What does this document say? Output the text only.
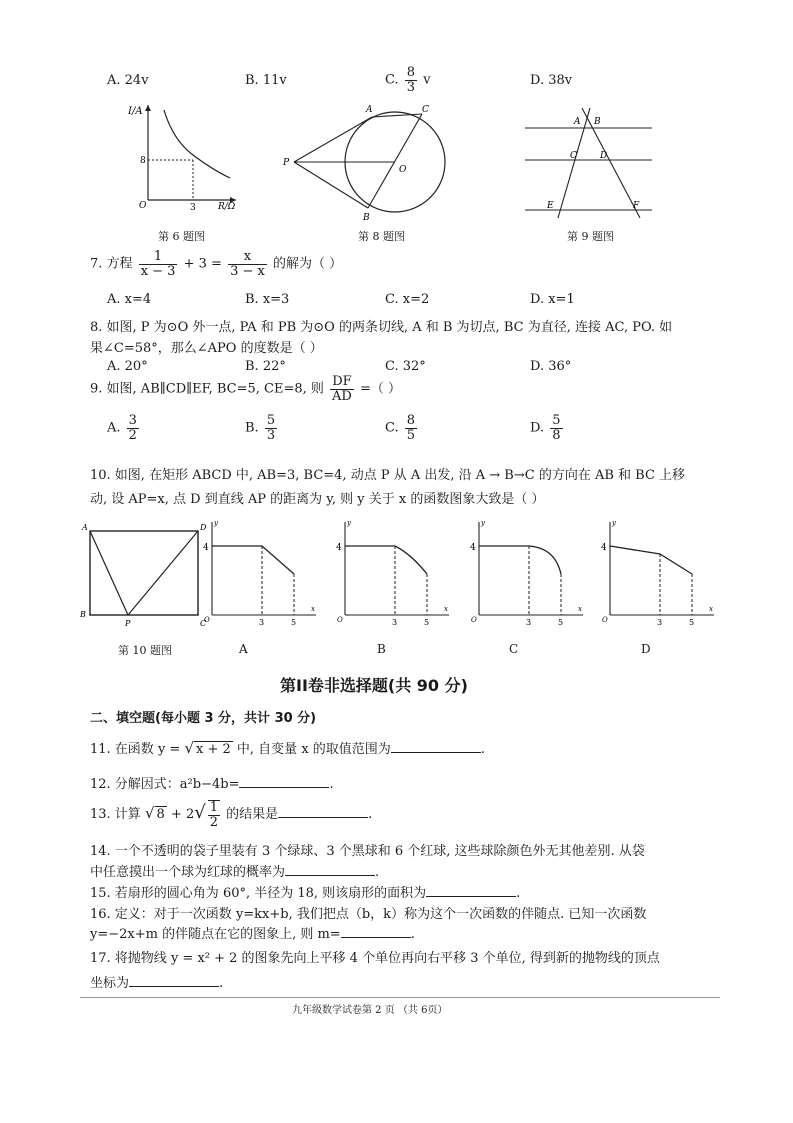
A. 24v	B. 11v	C. $\frac{8}{3}$ v	D. 38v
I/A
8
3
O	R/Ω
第 6 题图
A	C
P
O
B
第 8 题图
A B
C	D
E	F
第 9 题图
7. 方程 $\frac{1}{x - 3} + 3 = \frac{x}{3 - x}$ 的解为（ ）
A. x=4	B. x=3	C. x=2	D. x=1
8. 如图, P 为⊙O 外一点, PA 和 PB 为⊙O 的两条切线, A 和 B 为切点, BC 为直径, 连接 AC, PO. 如
果∠C=58°，那么∠APO 的度数是（ ）
A. 20°	B. 22°	C. 32°	D. 36°
9. 如图, AB∥CD∥EF, BC=5, CE=8, 则 $\frac{DF}{AD}$ =（ ）
A. $\frac{3}{2}$	B. $\frac{5}{3}$	C. $\frac{8}{5}$	D. $\frac{5}{8}$
10. 如图, 在矩形 ABCD 中, AB=3, BC=4, 动点 P 从 A 出发, 沿 A → B→C 的方向在 AB 和 BC 上移
动, 设 AP=x, 点 D 到直线 AP 的距离为 y, 则 y 关于 x 的函数图象大致是（ ）
A	D
B
P	C
第 10 题图
4
3	5
O
y
x
A
4
3	5
O
y
x
B
4
3	5
O
y
x
C
4
3	5
O
y
x
D
第II卷非选择题(共 90 分)
二、填空题(每小题 3 分，共计 30 分)
11. 在函数 y = √ x + 2 中, 自变量 x 的取值范围为	.
12. 分解因式：a²b−4b=	.
13. 计算 √ $8 + 2√ \frac{1}{2}$ 的结果是	.
14. 一个不透明的袋子里装有 3 个绿球、3 个黑球和 6 个红球, 这些球除颜色外无其他差别. 从袋
中任意摸出一个球为红球的概率为	.
15. 若扇形的圆心角为 60°, 半径为 18, 则该扇形的面积为	.
16. 定义：对于一次函数 y=kx+b, 我们把点（b，k）称为这个一次函数的伴随点. 已知一次函数
y=−2x+m 的伴随点在它的图象上, 则 m=	.
17. 将抛物线 y = x² + 2 的图象先向上平移 4 个单位再向右平移 3 个单位, 得到新的抛物线的顶点
坐标为	.
九年级数学试卷第 2 页 （共 6页）
